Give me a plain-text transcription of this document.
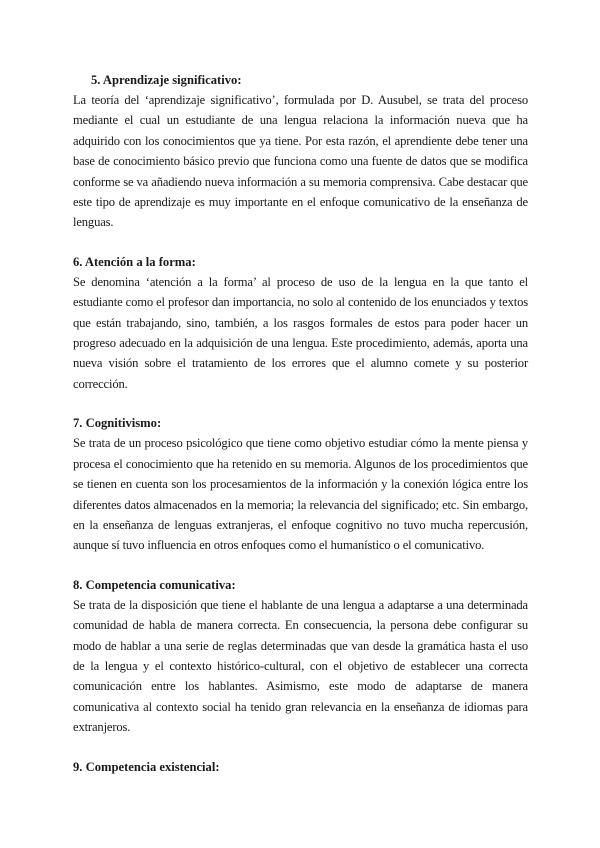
5. Aprendizaje significativo:

La teoría del ‘aprendizaje significativo’, formulada por D. Ausubel, se trata del proceso mediante el cual un estudiante de una lengua relaciona la información nueva que ha adquirido con los conocimientos que ya tiene. Por esta razón, el aprendiente debe tener una base de conocimiento básico previo que funciona como una fuente de datos que se modifica conforme se va añadiendo nueva información a su memoria comprensiva. Cabe destacar que este tipo de aprendizaje es muy importante en el enfoque comunicativo de la enseñanza de lenguas.

6. Atención a la forma:

Se denomina ‘atención a la forma’ al proceso de uso de la lengua en la que tanto el estudiante como el profesor dan importancia, no solo al contenido de los enunciados y textos que están trabajando, sino, también, a los rasgos formales de estos para poder hacer un progreso adecuado en la adquisición de una lengua. Este procedimiento, además, aporta una nueva visión sobre el tratamiento de los errores que el alumno comete y su posterior corrección.

7. Cognitivismo:

Se trata de un proceso psicológico que tiene como objetivo estudiar cómo la mente piensa y procesa el conocimiento que ha retenido en su memoria. Algunos de los procedimientos que se tienen en cuenta son los procesamientos de la información y la conexión lógica entre los diferentes datos almacenados en la memoria; la relevancia del significado; etc. Sin embargo, en la enseñanza de lenguas extranjeras, el enfoque cognitivo no tuvo mucha repercusión, aunque sí tuvo influencia en otros enfoques como el humanístico o el comunicativo.

8. Competencia comunicativa:

Se trata de la disposición que tiene el hablante de una lengua a adaptarse a una determinada comunidad de habla de manera correcta. En consecuencia, la persona debe configurar su modo de hablar a una serie de reglas determinadas que van desde la gramática hasta el uso de la lengua y el contexto histórico-cultural, con el objetivo de establecer una correcta comunicación entre los hablantes. Asimismo, este modo de adaptarse de manera comunicativa al contexto social ha tenido gran relevancia en la enseñanza de idiomas para extranjeros.

9. Competencia existencial:
